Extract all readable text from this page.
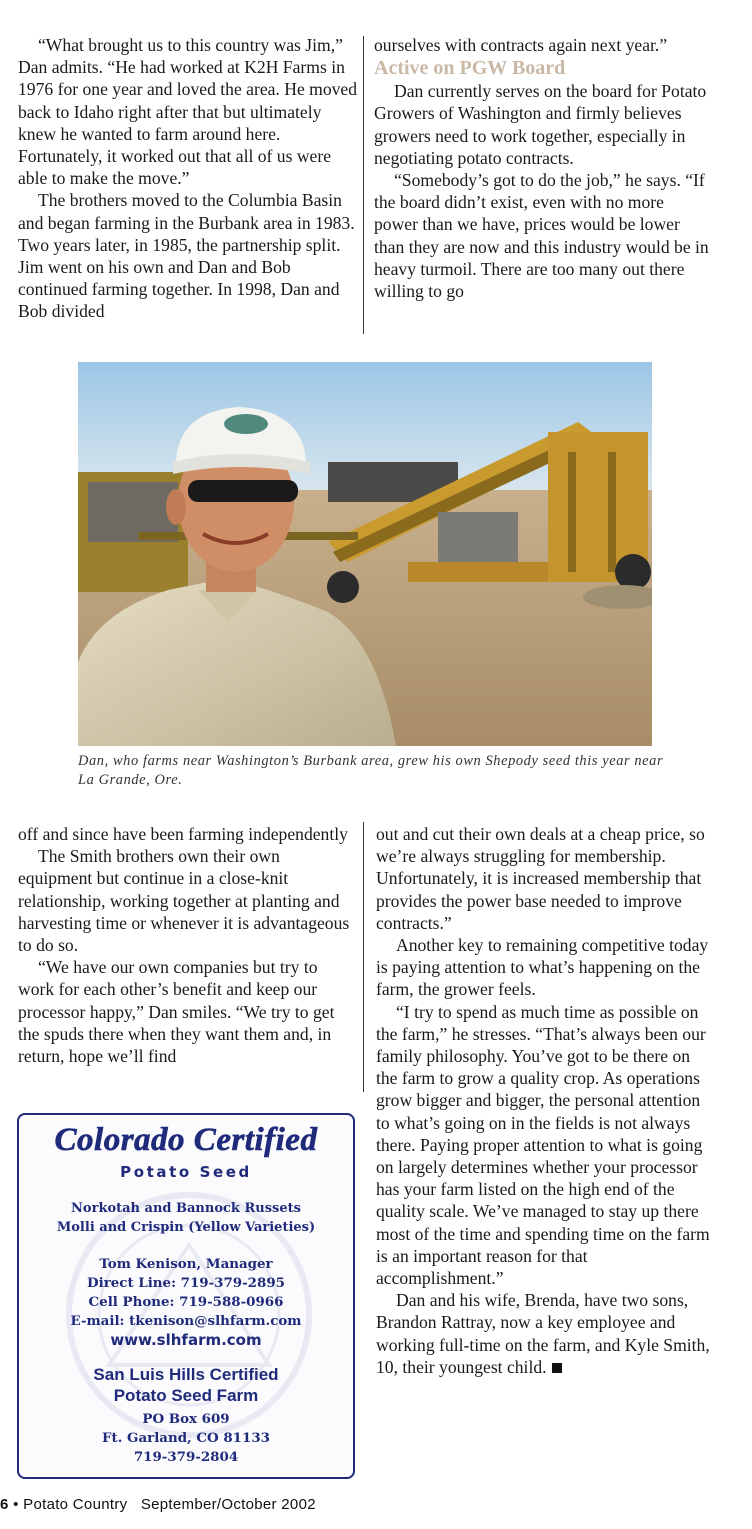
“What brought us to this country was Jim,” Dan admits. “He had worked at K2H Farms in 1976 for one year and loved the area. He moved back to Idaho right after that but ultimately knew he wanted to farm around here. Fortunately, it worked out that all of us were able to make the move.”

The brothers moved to the Columbia Basin and began farming in the Burbank area in 1983. Two years later, in 1985, the partnership split. Jim went on his own and Dan and Bob continued farming together. In 1998, Dan and Bob divided

ourselves with contracts again next year.”

Active on PGW Board

Dan currently serves on the board for Potato Growers of Washington and firmly believes growers need to work together, especially in negotiating potato contracts.

“Somebody’s got to do the job,” he says. “If the board didn’t exist, even with no more power than we have, prices would be lower than they are now and this industry would be in heavy turmoil. There are too many out there willing to go

Dan, who farms near Washington’s Burbank area, grew his own Shepody seed this year near La Grande, Ore.

off and since have been farming independently

The Smith brothers own their own equipment but continue in a close-knit relationship, working together at planting and harvesting time or whenever it is advantageous to do so.

“We have our own companies but try to work for each other’s benefit and keep our processor happy,” Dan smiles. “We try to get the spuds there when they want them and, in return, hope we’ll find

out and cut their own deals at a cheap price, so we’re always struggling for membership. Unfortunately, it is increased membership that provides the power base needed to improve contracts.”

Another key to remaining competitive today is paying attention to what’s happening on the farm, the grower feels.

“I try to spend as much time as possible on the farm,” he stresses. “That’s always been our family philosophy. You’ve got to be there on the farm to grow a quality crop. As operations grow bigger and bigger, the personal attention to what’s going on in the fields is not always there. Paying proper attention to what is going on largely determines whether your processor has your farm listed on the high end of the quality scale. We’ve managed to stay up there most of the time and spending time on the farm is an important reason for that accomplishment.”

Dan and his wife, Brenda, have two sons, Brandon Rattray, now a key employee and working full-time on the farm, and Kyle Smith, 10, their youngest child.

Colorado Certified
Potato Seed
Norkotah and Bannock Russets
Molli and Crispin (Yellow Varieties)
Tom Kenison, Manager
Direct Line: 719-379-2895
Cell Phone: 719-588-0966
E-mail: tkenison@slhfarm.com
www.slhfarm.com
San Luis Hills Certified
Potato Seed Farm
PO Box 609
Ft. Garland, CO 81133
719-379-2804
6 • Potato Country September/October 2002
